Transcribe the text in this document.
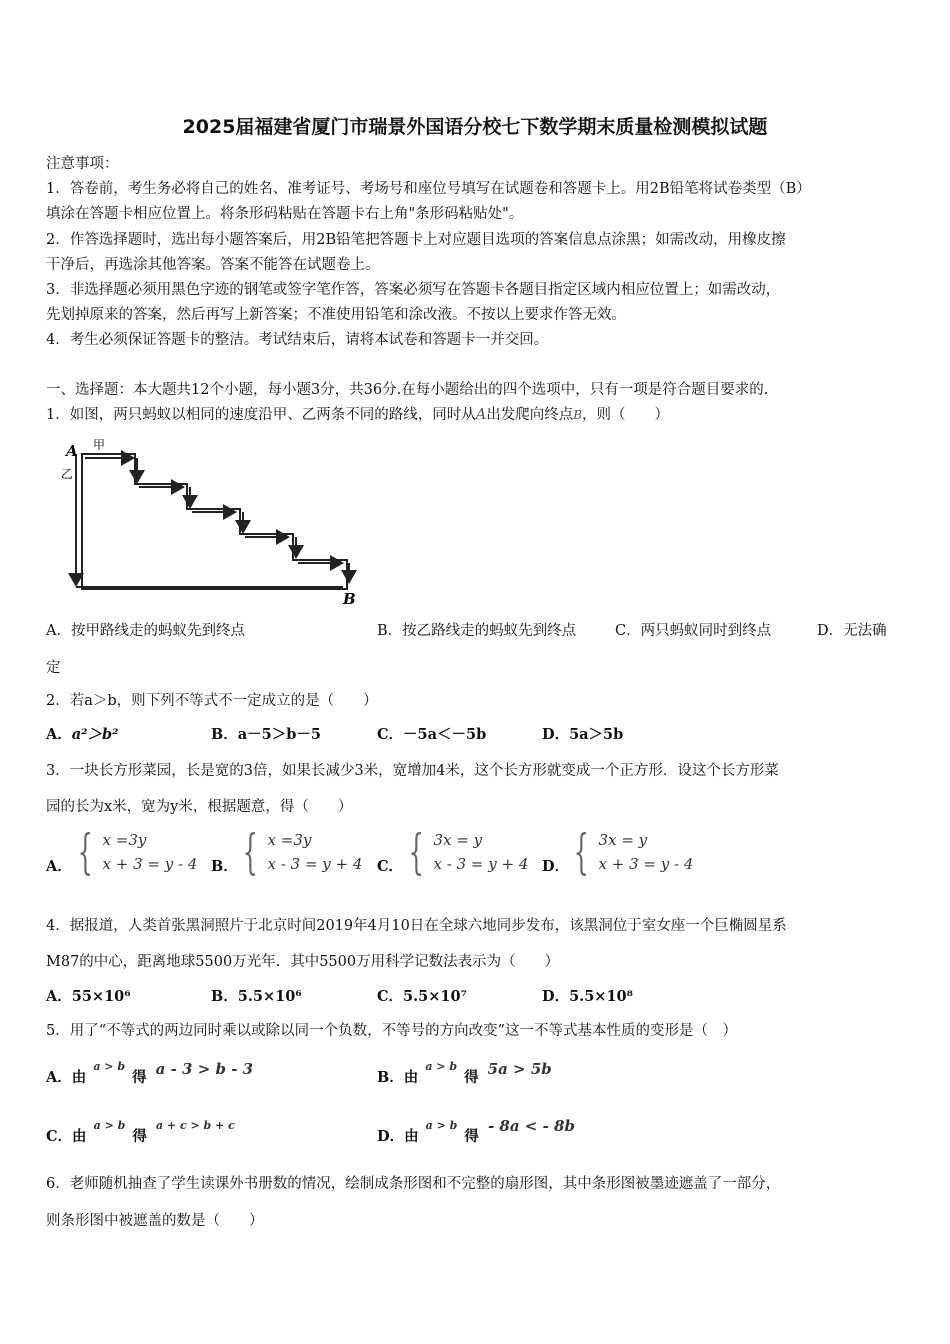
2025届福建省厦门市瑞景外国语分校七下数学期末质量检测模拟试题
注意事项：
1．答卷前，考生务必将自己的姓名、准考证号、考场号和座位号填写在试题卷和答题卡上。用2B铅笔将试卷类型（B）
填涂在答题卡相应位置上。将条形码粘贴在答题卡右上角"条形码粘贴处"。
2．作答选择题时，选出每小题答案后，用2B铅笔把答题卡上对应题目选项的答案信息点涂黑；如需改动，用橡皮擦
干净后，再选涂其他答案。答案不能答在试题卷上。
3．非选择题必须用黑色字迹的钢笔或签字笔作答，答案必须写在答题卡各题目指定区域内相应位置上；如需改动，
先划掉原来的答案，然后再写上新答案；不准使用铅笔和涂改液。不按以上要求作答无效。
4．考生必须保证答题卡的整洁。考试结束后，请将本试卷和答题卡一并交回。
一、选择题：本大题共12个小题，每小题3分，共36分.在每小题给出的四个选项中，只有一项是符合题目要求的.
1．如图，两只蚂蚁以相同的速度沿甲、乙两条不同的路线，同时从A出发爬向终点B，则（　　）
A 甲
乙
B
A．按甲路线走的蚂蚁先到终点	B．按乙路线走的蚂蚁先到终点	C．两只蚂蚁同时到终点	D．无法确
定
2．若a＞b，则下列不等式不一定成立的是（　　）
A．a²＞b²	B．a－5＞b－5	C．－5a＜－5b	D．5a＞5b
3．一块长方形菜园，长是宽的3倍，如果长减少3米，宽增加4米，这个长方形就变成一个正方形．设这个长方形菜
园的长为x米，宽为y米，根据题意，得（　　）
A． { x =3y
x + 3 = y - 4 B． { x =3y
x - 3 = y + 4 C． { 3x = y
x - 3 = y + 4 D． { 3x = y
x + 3 = y - 4
4．据报道，人类首张黑洞照片于北京时间2019年4月10日在全球六地同步发布，该黑洞位于室女座一个巨椭圆星系
M87的中心，距离地球5500万光年．其中5500万用科学记数法表示为（　　）
A．55×10⁶	B．5.5×10⁶	C．5.5×10⁷	D．5.5×10⁸
5．用了“不等式的两边同时乘以或除以同一个负数，不等号的方向改变”这一不等式基本性质的变形是（　）
A．由 $^{a > b}$ 得 a - 3 > b - 3	B．由 $^{a > b}$ 得 5a > 5b
C．由 $^{a > b}$ 得 $^{a + c > b + c}$
D．由 $^{a > b}$ 得 - 8a < - 8b
6．老师随机抽查了学生读课外书册数的情况，绘制成条形图和不完整的扇形图，其中条形图被墨迹遮盖了一部分，
则条形图中被遮盖的数是（　　）
